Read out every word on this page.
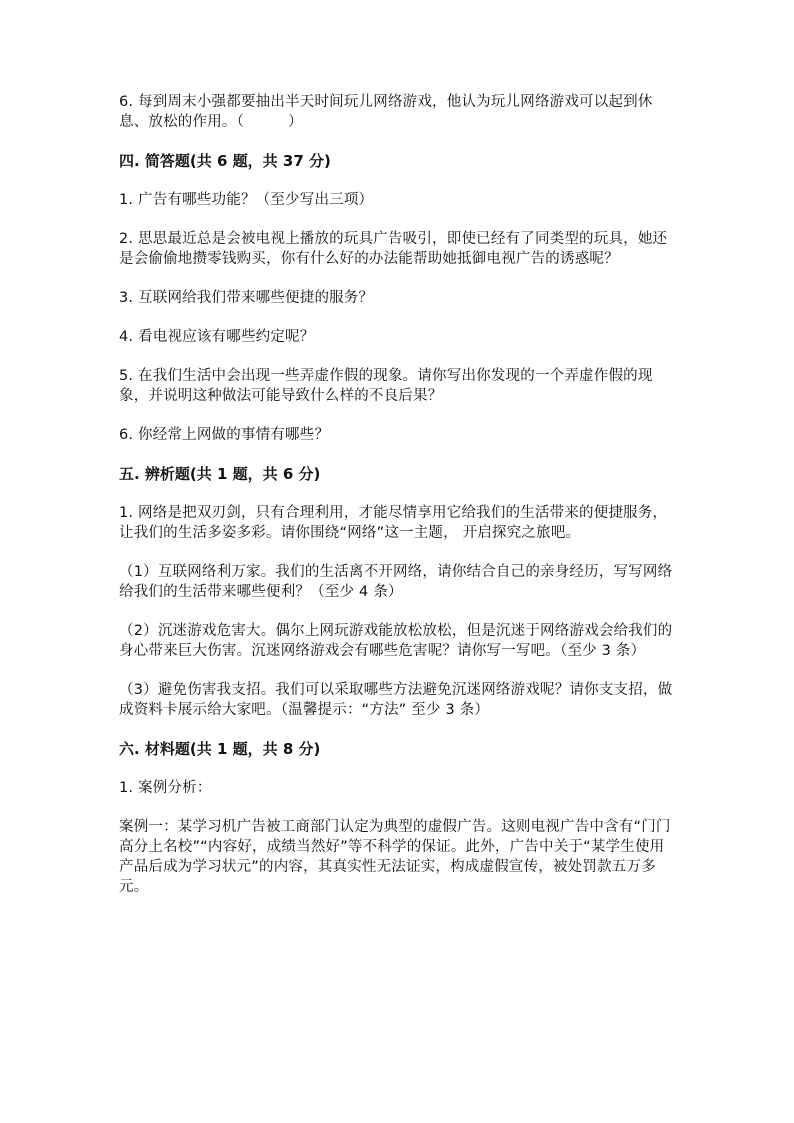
6. 每到周末小强都要抽出半天时间玩儿网络游戏，他认为玩儿网络游戏可以起到休息、放松的作用。（　　　）

四. 简答题(共 6 题，共 37 分)

1. 广告有哪些功能？（至少写出三项）

2. 思思最近总是会被电视上播放的玩具广告吸引，即使已经有了同类型的玩具，她还是会偷偷地攒零钱购买，你有什么好的办法能帮助她抵御电视广告的诱惑呢？

3. 互联网给我们带来哪些便捷的服务？

4. 看电视应该有哪些约定呢？

5. 在我们生活中会出现一些弄虚作假的现象。请你写出你发现的一个弄虚作假的现象，并说明这种做法可能导致什么样的不良后果？

6. 你经常上网做的事情有哪些？

五. 辨析题(共 1 题，共 6 分)

1. 网络是把双刃剑，只有合理利用，才能尽情享用它给我们的生活带来的便捷服务，让我们的生活多姿多彩。请你围绕“网络”这一主题， 开启探究之旅吧。

（1）互联网络利万家。我们的生活离不开网络，请你结合自己的亲身经历，写写网络给我们的生活带来哪些便利？（至少 4 条）

（2）沉迷游戏危害大。偶尔上网玩游戏能放松放松，但是沉迷于网络游戏会给我们的身心带来巨大伤害。沉迷网络游戏会有哪些危害呢？请你写一写吧。（至少 3 条）

（3）避免伤害我支招。我们可以采取哪些方法避免沉迷网络游戏呢？请你支支招，做成资料卡展示给大家吧。（温馨提示：“方法” 至少 3 条）

六. 材料题(共 1 题，共 8 分)

1. 案例分析：

案例一：某学习机广告被工商部门认定为典型的虚假广告。这则电视广告中含有“门门高分上名校”“内容好，成绩当然好”等不科学的保证。此外，广告中关于“某学生使用产品后成为学习状元”的内容，其真实性无法证实，构成虚假宣传，被处罚款五万多元。
